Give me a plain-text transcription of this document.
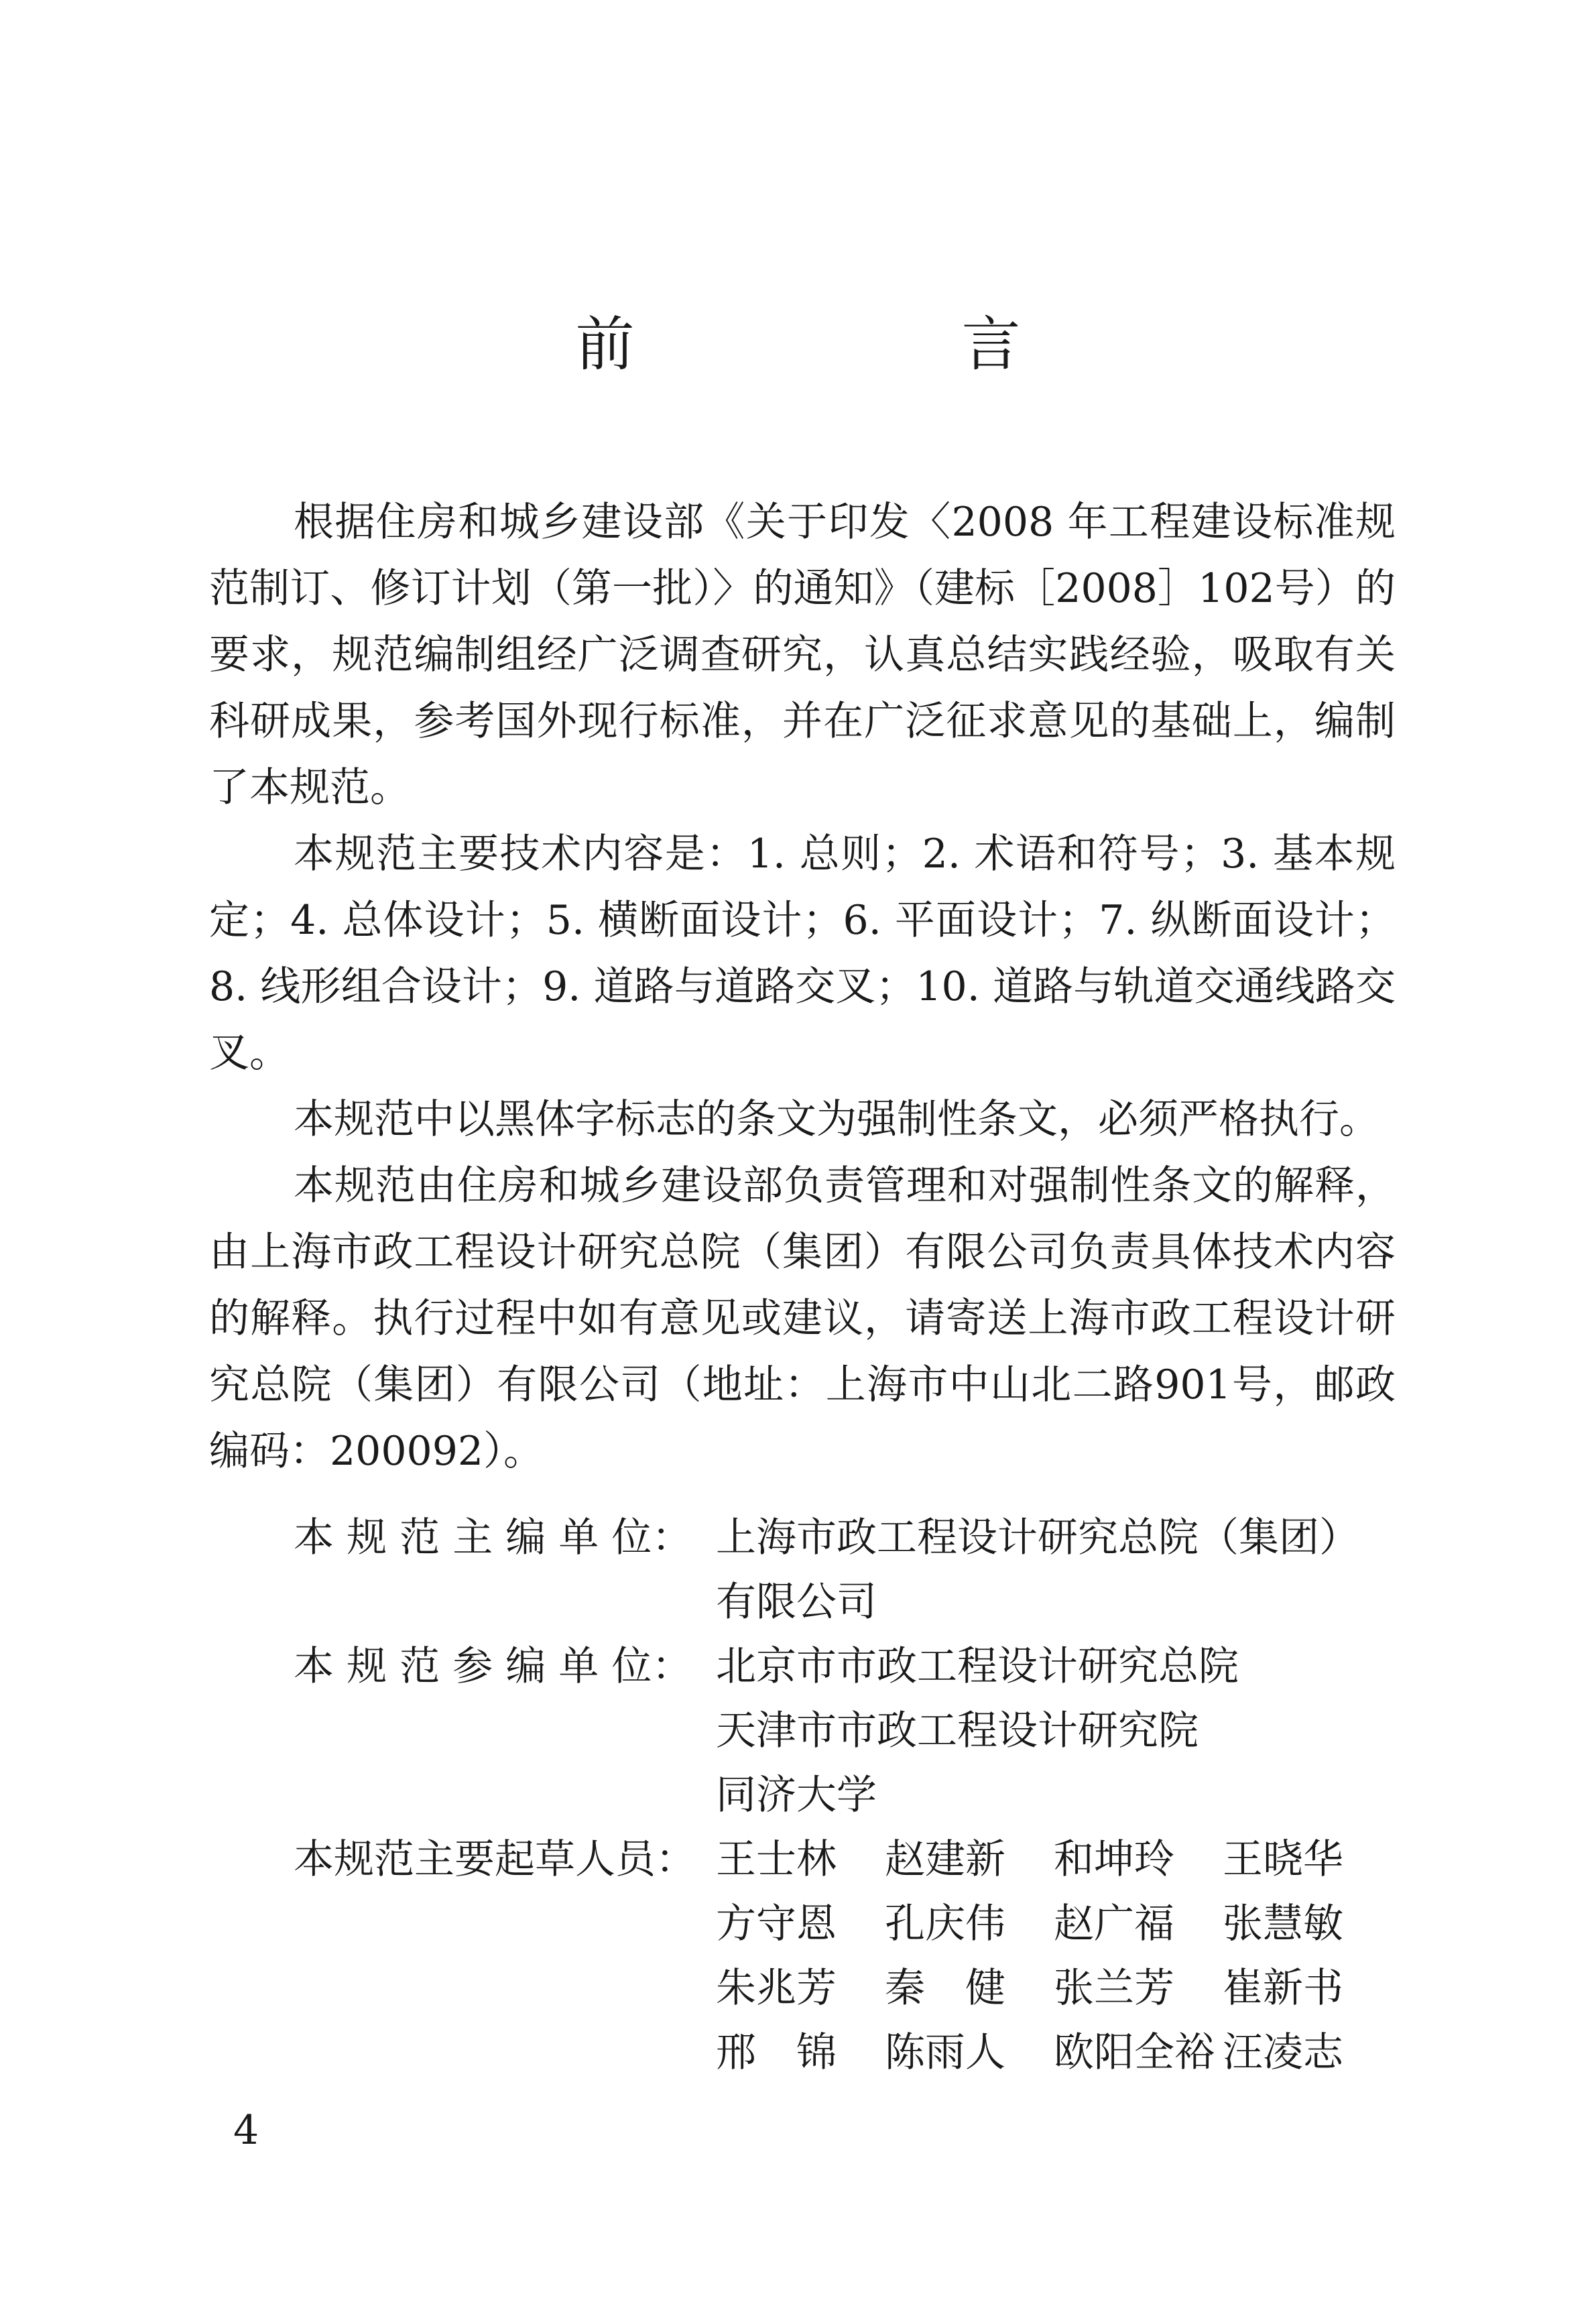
前　言

根据住房和城乡建设部《关于印发〈2008 年工程建设标准规范制订、修订计划（第一批）〉的通知》（建标［2008］102号）的要求，规范编制组经广泛调查研究，认真总结实践经验，吸取有关科研成果，参考国外现行标准，并在广泛征求意见的基础上，编制了本规范。

本规范主要技术内容是：1. 总则；2. 术语和符号；3. 基本规定；4. 总体设计；5. 横断面设计；6. 平面设计；7. 纵断面设计；8. 线形组合设计；9. 道路与道路交叉；10. 道路与轨道交通线路交叉。

本规范中以黑体字标志的条文为强制性条文，必须严格执行。

本规范由住房和城乡建设部负责管理和对强制性条文的解释，由上海市政工程设计研究总院（集团）有限公司负责具体技术内容的解释。执行过程中如有意见或建议，请寄送上海市政工程设计研究总院（集团）有限公司（地址：上海市中山北二路901号，邮政编码：200092）。

本 规 范 主 编 单 位： 上海市政工程设计研究总院（集团）
有限公司
本 规 范 参 编 单 位： 北京市市政工程设计研究总院
天津市市政工程设计研究院
同济大学
本规范主要起草人员： 王士林	赵建新	和坤玲	王晓华
方守恩	孔庆伟	赵广福	张慧敏
朱兆芳	秦　健	张兰芳	崔新书
邢　锦	陈雨人	欧阳全裕 汪凌志
4
